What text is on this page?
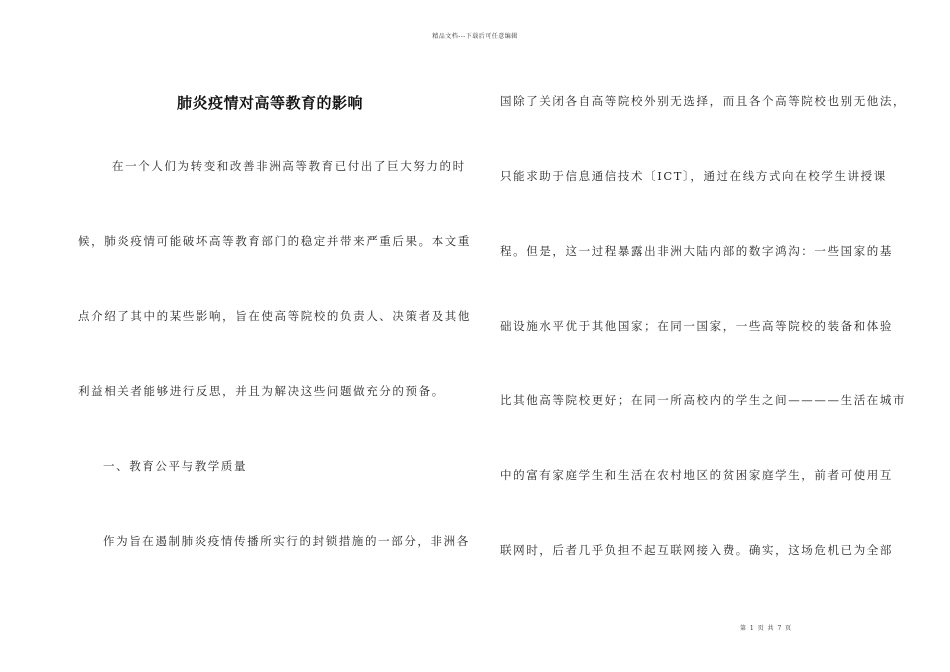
精品文档---下载后可任意编辑
肺炎疫情对高等教育的影响
在一个人们为转变和改善非洲高等教育已付出了巨大努力的时
候，肺炎疫情可能破坏高等教育部门的稳定并带来严重后果。本文重
点介绍了其中的某些影响，旨在使高等院校的负责人、决策者及其他
利益相关者能够进行反思，并且为解决这些问题做充分的预备。
一、教育公平与教学质量
作为旨在遏制肺炎疫情传播所实行的封锁措施的一部分，非洲各
国除了关闭各自高等院校外别无选择，而且各个高等院校也别无他法，
只能求助于信息通信技术〔ICT〕，通过在线方式向在校学生讲授课
程。但是，这一过程暴露出非洲大陆内部的数字鸿沟：一些国家的基
础设施水平优于其他国家；在同一国家，一些高等院校的装备和体验
比其他高等院校更好；在同一所高校内的学生之间————生活在城市
中的富有家庭学生和生活在农村地区的贫困家庭学生，前者可使用互
联网时，后者几乎负担不起互联网接入费。确实，这场危机已为全部
第 1 页 共 7 页
